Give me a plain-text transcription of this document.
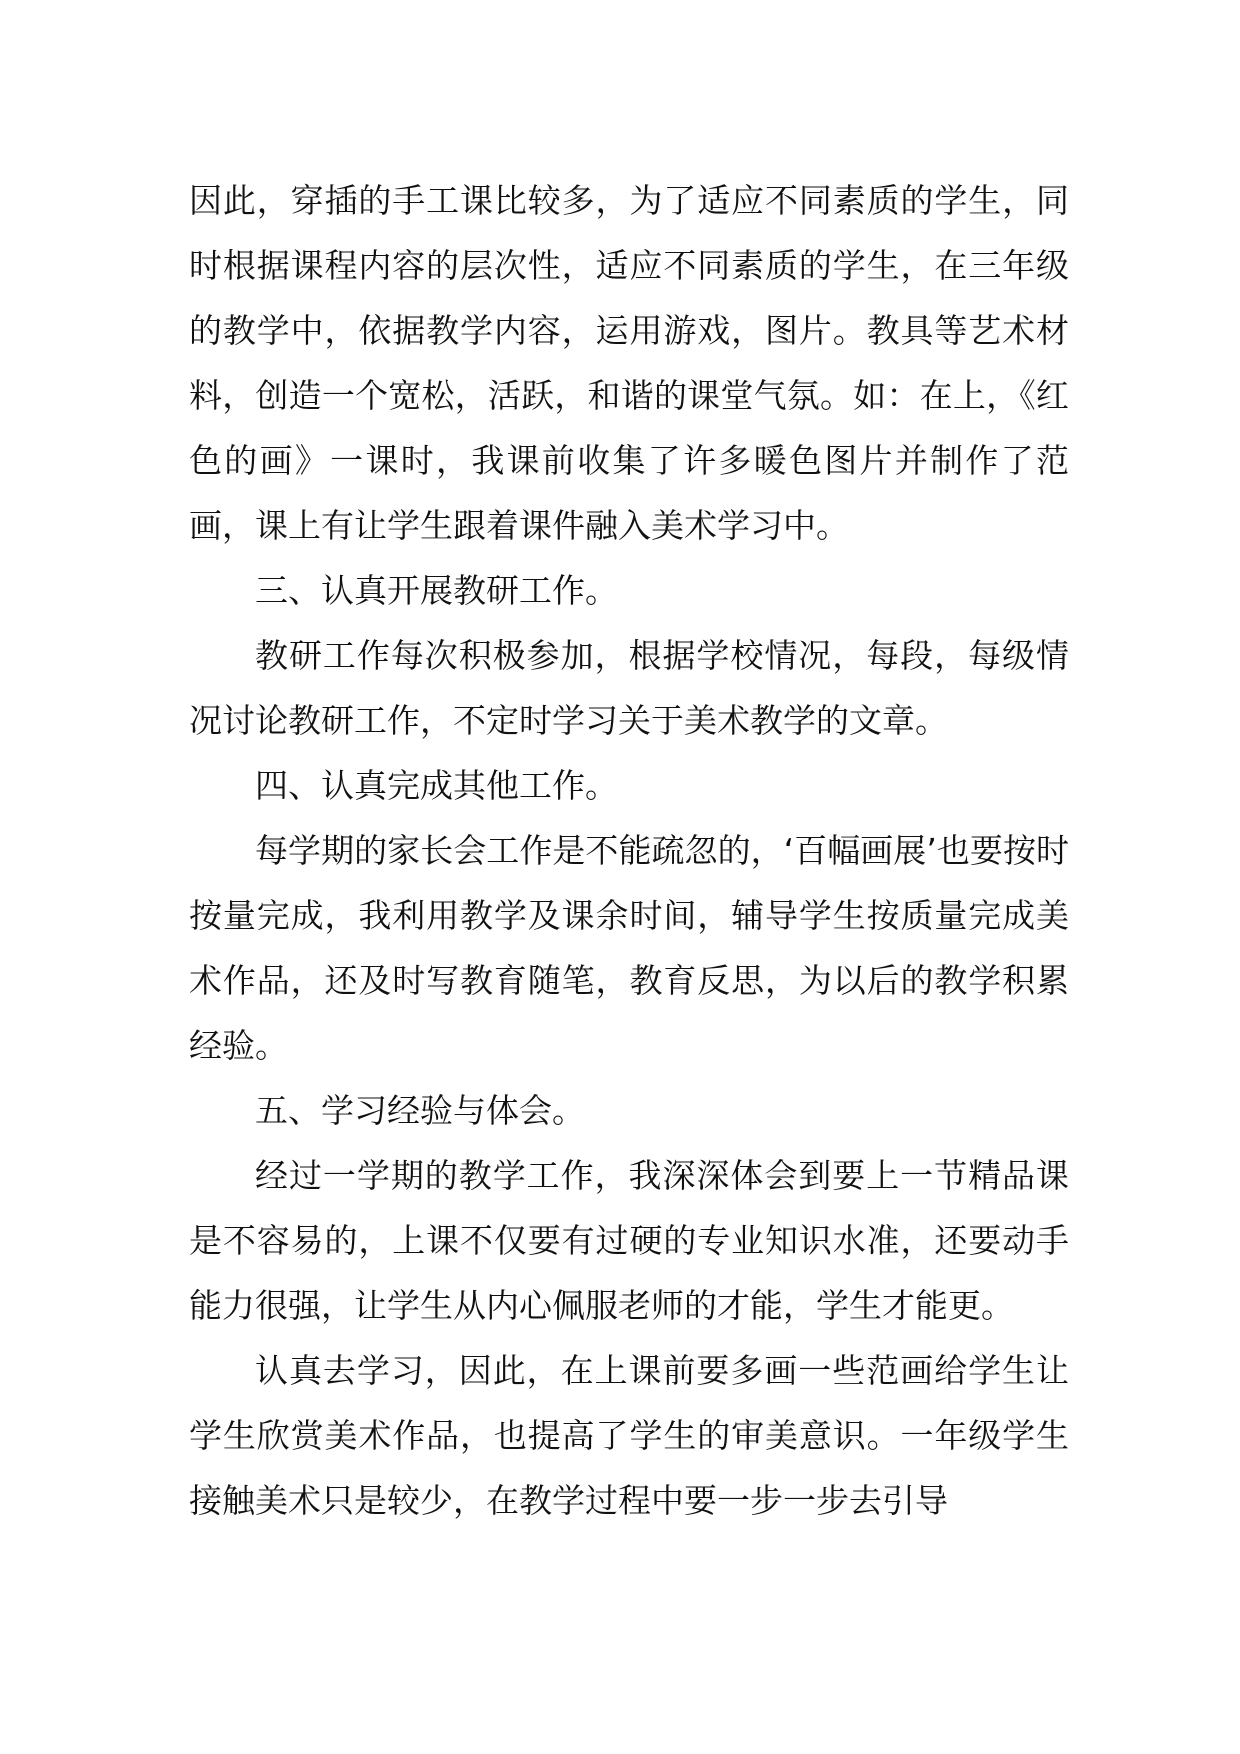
因此，穿插的手工课比较多，为了适应不同素质的学生，同时根据课程内容的层次性，适应不同素质的学生，在三年级的教学中，依据教学内容，运用游戏，图片。教具等艺术材料，创造一个宽松，活跃，和谐的课堂气氛。如：在上，《红色的画》一课时，我课前收集了许多暖色图片并制作了范画，课上有让学生跟着课件融入美术学习中。

三、认真开展教研工作。

教研工作每次积极参加，根据学校情况，每段，每级情况讨论教研工作，不定时学习关于美术教学的文章。

四、认真完成其他工作。

每学期的家长会工作是不能疏忽的，‘百幅画展’也要按时按量完成，我利用教学及课余时间，辅导学生按质量完成美术作品，还及时写教育随笔，教育反思，为以后的教学积累经验。

五、学习经验与体会。

经过一学期的教学工作，我深深体会到要上一节精品课是不容易的，上课不仅要有过硬的专业知识水准，还要动手能力很强，让学生从内心佩服老师的才能，学生才能更。

认真去学习，因此，在上课前要多画一些范画给学生让学生欣赏美术作品，也提高了学生的审美意识。一年级学生接触美术只是较少，在教学过程中要一步一步去引导
